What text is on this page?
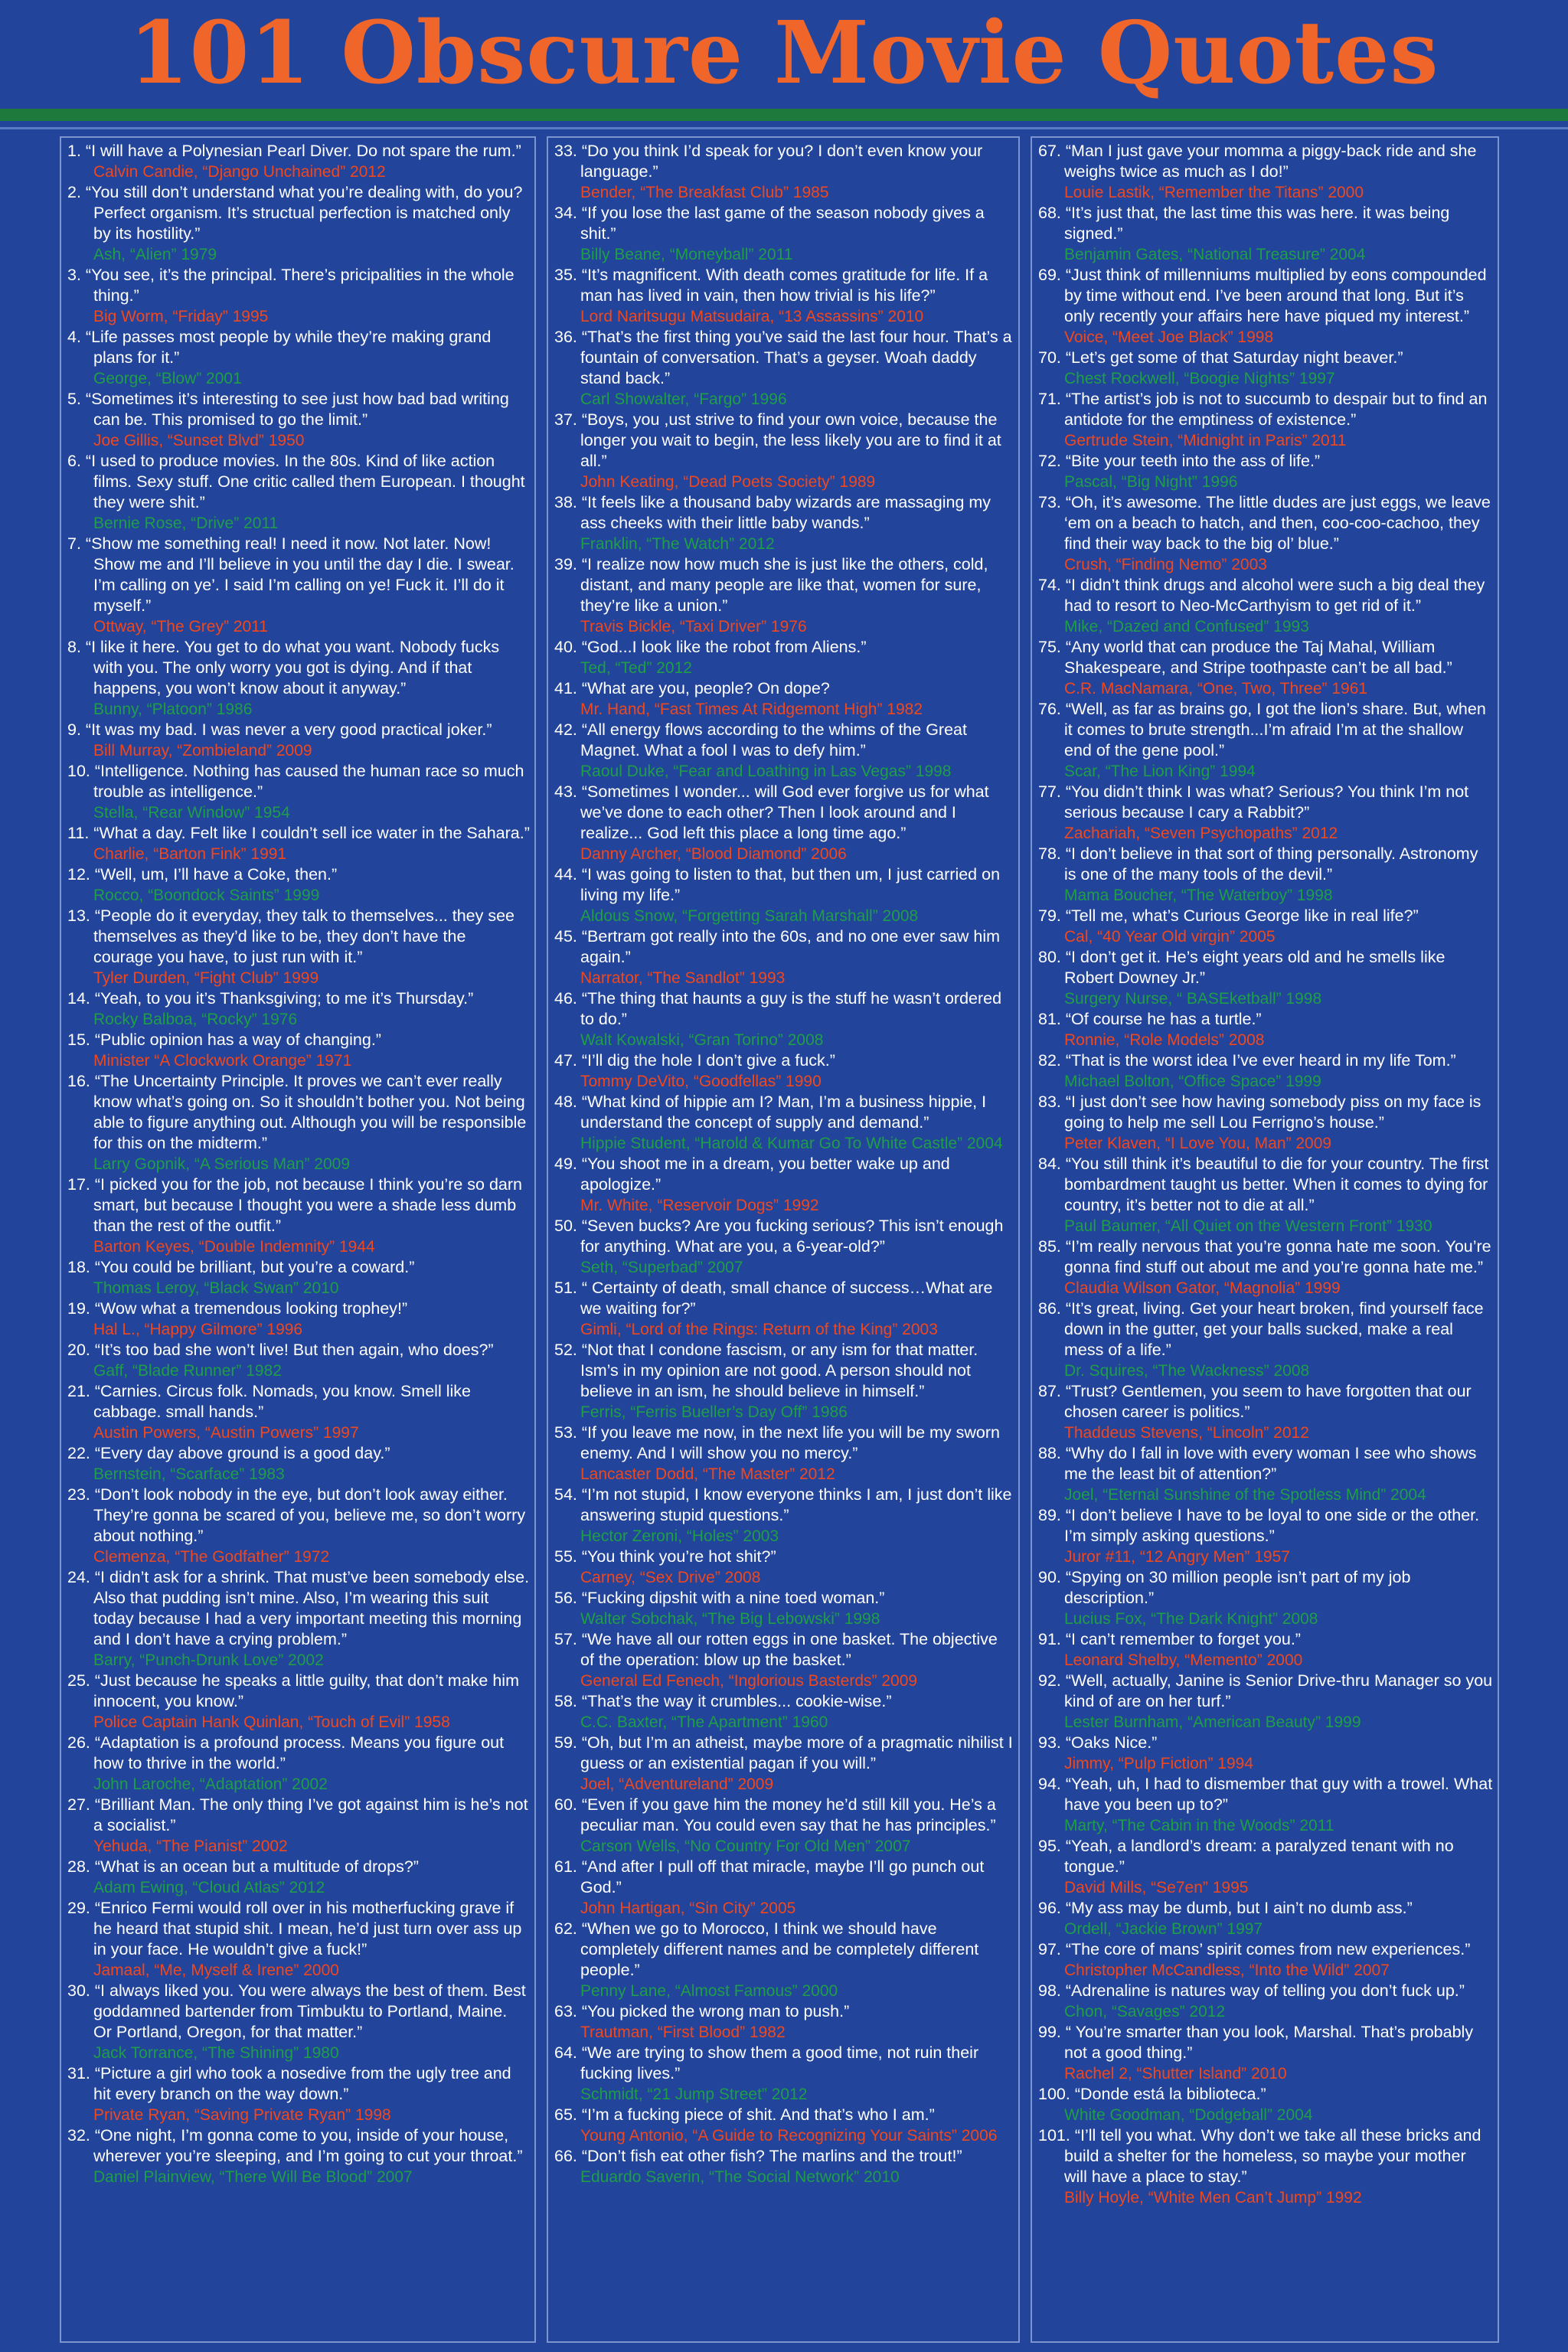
101 Obscure Movie Quotes
1. “I will have a Polynesian Pearl Diver. Do not spare the rum.”
Calvin Candie, “Django Unchained” 2012
2. “You still don’t understand what you’re dealing with, do you? Perfect organism. It’s structual perfection is matched only by its hostility.”
Ash, “Alien” 1979
3. “You see, it’s the principal. There’s pricipalities in the whole thing.”
Big Worm, “Friday” 1995
4. “Life passes most people by while they’re making grand plans for it.”
George, “Blow” 2001
5. “Sometimes it’s interesting to see just how bad bad writing can be. This promised to go the limit.”
Joe Gillis, “Sunset Blvd” 1950
6. “I used to produce movies. In the 80s. Kind of like action films. Sexy stuff. One critic called them European. I thought they were shit.”
Bernie Rose, “Drive” 2011
7. “Show me something real! I need it now. Not later. Now! Show me and I’ll believe in you until the day I die. I swear. I’m calling on ye’. I said I’m calling on ye! Fuck it. I’ll do it myself.”
Ottway, “The Grey” 2011
8. “I like it here. You get to do what you want. Nobody fucks with you. The only worry you got is dying. And if that happens, you won’t know about it anyway.”
Bunny, “Platoon” 1986
9. “It was my bad. I was never a very good practical joker.”
Bill Murray, “Zombieland” 2009
10. “Intelligence. Nothing has caused the human race so much trouble as intelligence.”
Stella, “Rear Window” 1954
11. “What a day. Felt like I couldn’t sell ice water in the Sahara.”
Charlie, “Barton Fink” 1991
12. “Well, um, I’ll have a Coke, then.”
Rocco, “Boondock Saints” 1999
13. “People do it everyday, they talk to themselves... they see themselves as they’d like to be, they don’t have the courage you have, to just run with it.”
Tyler Durden, “Fight Club” 1999
14. “Yeah, to you it’s Thanksgiving; to me it’s Thursday.”
Rocky Balboa, “Rocky” 1976
15. “Public opinion has a way of changing.”
Minister “A Clockwork Orange” 1971
16. “The Uncertainty Principle. It proves we can’t ever really know what’s going on. So it shouldn’t bother you. Not being able to figure anything out. Although you will be responsible for this on the midterm.”
Larry Gopnik, “A Serious Man” 2009
17. “I picked you for the job, not because I think you’re so darn smart, but because I thought you were a shade less dumb than the rest of the outfit.”
Barton Keyes, “Double Indemnity” 1944
18. “You could be brilliant, but you’re a coward.”
Thomas Leroy, “Black Swan” 2010
19. “Wow what a tremendous looking trophey!”
Hal L., “Happy Gilmore” 1996
20. “It’s too bad she won’t live! But then again, who does?”
Gaff, “Blade Runner” 1982
21. “Carnies. Circus folk. Nomads, you know. Smell like cabbage. small hands.”
Austin Powers, “Austin Powers” 1997
22. “Every day above ground is a good day.”
Bernstein, “Scarface” 1983
23. “Don’t look nobody in the eye, but don’t look away either. They’re gonna be scared of you, believe me, so don’t worry about nothing.”
Clemenza, “The Godfather” 1972
24. “I didn’t ask for a shrink. That must’ve been somebody else. Also that pudding isn’t mine. Also, I’m wearing this suit today because I had a very important meeting this morning and I don’t have a crying problem.”
Barry, “Punch-Drunk Love” 2002
25. “Just because he speaks a little guilty, that don’t make him innocent, you know.”
Police Captain Hank Quinlan, “Touch of Evil” 1958
26. “Adaptation is a profound process. Means you figure out how to thrive in the world.”
John Laroche, “Adaptation” 2002
27. “Brilliant Man. The only thing I’ve got against him is he’s not a socialist.”
Yehuda, “The Pianist” 2002
28. “What is an ocean but a multitude of drops?”
Adam Ewing, “Cloud Atlas” 2012
29. “Enrico Fermi would roll over in his motherfucking grave if he heard that stupid shit. I mean, he’d just turn over ass up in your face. He wouldn’t give a fuck!”
Jamaal, “Me, Myself & Irene” 2000
30. “I always liked you. You were always the best of them. Best goddamned bartender from Timbuktu to Portland, Maine. Or Portland, Oregon, for that matter.”
Jack Torrance, “The Shining” 1980
31. “Picture a girl who took a nosedive from the ugly tree and hit every branch on the way down.”
Private Ryan, “Saving Private Ryan” 1998
32. “One night, I’m gonna come to you, inside of your house, wherever you’re sleeping, and I’m going to cut your throat.”
Daniel Plainview, “There Will Be Blood” 2007
33. “Do you think I’d speak for you? I don’t even know your language.”
Bender, “The Breakfast Club” 1985
34. “If you lose the last game of the season nobody gives a shit.”
Billy Beane, “Moneyball” 2011
35. “It’s magnificent. With death comes gratitude for life. If a man has lived in vain, then how trivial is his life?”
Lord Naritsugu Matsudaira, “13 Assassins” 2010
36. “That’s the first thing you’ve said the last four hour. That’s a fountain of conversation. That’s a geyser. Woah daddy stand back.”
Carl Showalter, “Fargo” 1996
37. “Boys, you ,ust strive to find your own voice, because the longer you wait to begin, the less likely you are to find it at all.”
John Keating, “Dead Poets Society” 1989
38. “It feels like a thousand baby wizards are massaging my ass cheeks with their little baby wands.”
Franklin, “The Watch” 2012
39. “I realize now how much she is just like the others, cold, distant, and many people are like that, women for sure, they’re like a union.”
Travis Bickle, “Taxi Driver” 1976
40. “God...I look like the robot from Aliens.”
Ted, “Ted” 2012
41. “What are you, people? On dope?
Mr. Hand, “Fast Times At Ridgemont High” 1982
42. “All energy flows according to the whims of the Great Magnet. What a fool I was to defy him.”
Raoul Duke, “Fear and Loathing in Las Vegas” 1998
43. “Sometimes I wonder... will God ever forgive us for what we’ve done to each other? Then I look around and I realize... God left this place a long time ago.”
Danny Archer, “Blood Diamond” 2006
44. “I was going to listen to that, but then um, I just carried on living my life.”
Aldous Snow, “Forgetting Sarah Marshall” 2008
45. “Bertram got really into the 60s, and no one ever saw him again.”
Narrator, “The Sandlot” 1993
46. “The thing that haunts a guy is the stuff he wasn’t ordered to do.”
Walt Kowalski, “Gran Torino” 2008
47. “I’ll dig the hole I don’t give a fuck.”
Tommy DeVito, “Goodfellas” 1990
48. “What kind of hippie am I? Man, I’m a business hippie, I understand the concept of supply and demand.”
Hippie Student, “Harold & Kumar Go To White Castle” 2004
49. “You shoot me in a dream, you better wake up and apologize.”
Mr. White, “Reservoir Dogs” 1992
50. “Seven bucks? Are you fucking serious? This isn’t enough for anything. What are you, a 6-year-old?”
Seth, “Superbad” 2007
51. “ Certainty of death, small chance of success…What are we waiting for?”
Gimli, “Lord of the Rings: Return of the King” 2003
52. “Not that I condone fascism, or any ism for that matter. Ism’s in my opinion are not good. A person should not believe in an ism, he should believe in himself.”
Ferris, “Ferris Bueller’s Day Off” 1986
53. “If you leave me now, in the next life you will be my sworn enemy. And I will show you no mercy.”
Lancaster Dodd, “The Master” 2012
54. “I’m not stupid, I know everyone thinks I am, I just don’t like answering stupid questions.”
Hector Zeroni, “Holes” 2003
55. “You think you’re hot shit?”
Carney, “Sex Drive” 2008
56. “Fucking dipshit with a nine toed woman.”
Walter Sobchak, “The Big Lebowski” 1998
57. “We have all our rotten eggs in one basket. The objective of the operation: blow up the basket.”
General Ed Fenech, “Inglorious Basterds” 2009
58. “That’s the way it crumbles... cookie-wise.”
C.C. Baxter, “The Apartment” 1960
59. “Oh, but I’m an atheist, maybe more of a pragmatic nihilist I guess or an existential pagan if you will.”
Joel, “Adventureland” 2009
60. “Even if you gave him the money he’d still kill you. He’s a peculiar man. You could even say that he has principles.”
Carson Wells, “No Country For Old Men” 2007
61. “And after I pull off that miracle, maybe I’ll go punch out God.”
John Hartigan, “Sin City” 2005
62. “When we go to Morocco, I think we should have completely different names and be completely different people.”
Penny Lane, “Almost Famous” 2000
63. “You picked the wrong man to push.”
Trautman, “First Blood” 1982
64. “We are trying to show them a good time, not ruin their fucking lives.”
Schmidt, “21 Jump Street” 2012
65. “I’m a fucking piece of shit. And that’s who I am.”
Young Antonio, “A Guide to Recognizing Your Saints” 2006
66. “Don’t fish eat other fish? The marlins and the trout!”
Eduardo Saverin, “The Social Network” 2010
67. “Man I just gave your momma a piggy-back ride and she weighs twice as much as I do!”
Louie Lastik, “Remember the Titans” 2000
68. “It’s just that, the last time this was here. it was being signed.”
Benjamin Gates, “National Treasure” 2004
69. “Just think of millenniums multiplied by eons compounded by time without end. I’ve been around that long. But it’s only recently your affairs here have piqued my interest.”
Voice, “Meet Joe Black” 1998
70. “Let’s get some of that Saturday night beaver.”
Chest Rockwell, “Boogie Nights” 1997
71. “The artist’s job is not to succumb to despair but to find an antidote for the emptiness of existence.”
Gertrude Stein, “Midnight in Paris” 2011
72. “Bite your teeth into the ass of life.”
Pascal, “Big Night” 1996
73. “Oh, it’s awesome. The little dudes are just eggs, we leave ‘em on a beach to hatch, and then, coo-coo-cachoo, they find their way back to the big ol’ blue.”
Crush, “Finding Nemo” 2003
74. “I didn’t think drugs and alcohol were such a big deal they had to resort to Neo-McCarthyism to get rid of it.”
Mike, “Dazed and Confused” 1993
75. “Any world that can produce the Taj Mahal, William Shakespeare, and Stripe toothpaste can’t be all bad.”
C.R. MacNamara, “One, Two, Three” 1961
76. “Well, as far as brains go, I got the lion’s share. But, when it comes to brute strength...I’m afraid I’m at the shallow end of the gene pool.”
Scar, “The Lion King” 1994
77. “You didn’t think I was what? Serious? You think I’m not serious because I cary a Rabbit?”
Zachariah, “Seven Psychopaths” 2012
78. “I don’t believe in that sort of thing personally. Astronomy is one of the many tools of the devil.”
Mama Boucher, “The Waterboy” 1998
79. “Tell me, what’s Curious George like in real life?”
Cal, “40 Year Old virgin” 2005
80. “I don’t get it. He’s eight years old and he smells like Robert Downey Jr.”
Surgery Nurse, “ BASEketball” 1998
81. “Of course he has a turtle.”
Ronnie, “Role Models” 2008
82. “That is the worst idea I’ve ever heard in my life Tom.”
Michael Bolton, “Office Space” 1999
83. “I just don’t see how having somebody piss on my face is going to help me sell Lou Ferrigno’s house.”
Peter Klaven, “I Love You, Man” 2009
84. “You still think it’s beautiful to die for your country. The first bombardment taught us better. When it comes to dying for country, it’s better not to die at all.”
Paul Baumer, “All Quiet on the Western Front” 1930
85. “I’m really nervous that you’re gonna hate me soon. You’re gonna find stuff out about me and you’re gonna hate me.”
Claudia Wilson Gator, “Magnolia” 1999
86. “It’s great, living. Get your heart broken, find yourself face down in the gutter, get your balls sucked, make a real mess of a life.”
Dr. Squires, “The Wackness” 2008
87. “Trust? Gentlemen, you seem to have forgotten that our chosen career is politics.”
Thaddeus Stevens, “Lincoln” 2012
88. “Why do I fall in love with every woman I see who shows me the least bit of attention?”
Joel, “Eternal Sunshine of the Spotless Mind” 2004
89. “I don’t believe I have to be loyal to one side or the other. I’m simply asking questions.”
Juror #11, “12 Angry Men” 1957
90. “Spying on 30 million people isn’t part of my job description.”
Lucius Fox, “The Dark Knight” 2008
91. “I can’t remember to forget you.”
Leonard Shelby, “Memento” 2000
92. “Well, actually, Janine is Senior Drive-thru Manager so you kind of are on her turf.”
Lester Burnham, “American Beauty” 1999
93. “Oaks Nice.”
Jimmy, “Pulp Fiction” 1994
94. “Yeah, uh, I had to dismember that guy with a trowel. What have you been up to?”
Marty, “The Cabin in the Woods” 2011
95. “Yeah, a landlord’s dream: a paralyzed tenant with no tongue.”
David Mills, “Se7en” 1995
96. “My ass may be dumb, but I ain’t no dumb ass.”
Ordell, “Jackie Brown” 1997
97. “The core of mans’ spirit comes from new experiences.”
Christopher McCandless, “Into the Wild” 2007
98. “Adrenaline is natures way of telling you don’t fuck up.”
Chon, “Savages” 2012
99. “ You’re smarter than you look, Marshal. That’s probably not a good thing.”
Rachel 2, “Shutter Island” 2010
100. “Donde está la biblioteca.”
White Goodman, “Dodgeball” 2004
101. “I’ll tell you what. Why don’t we take all these bricks and build a shelter for the homeless, so maybe your mother will have a place to stay.”
Billy Hoyle, “White Men Can’t Jump” 1992
